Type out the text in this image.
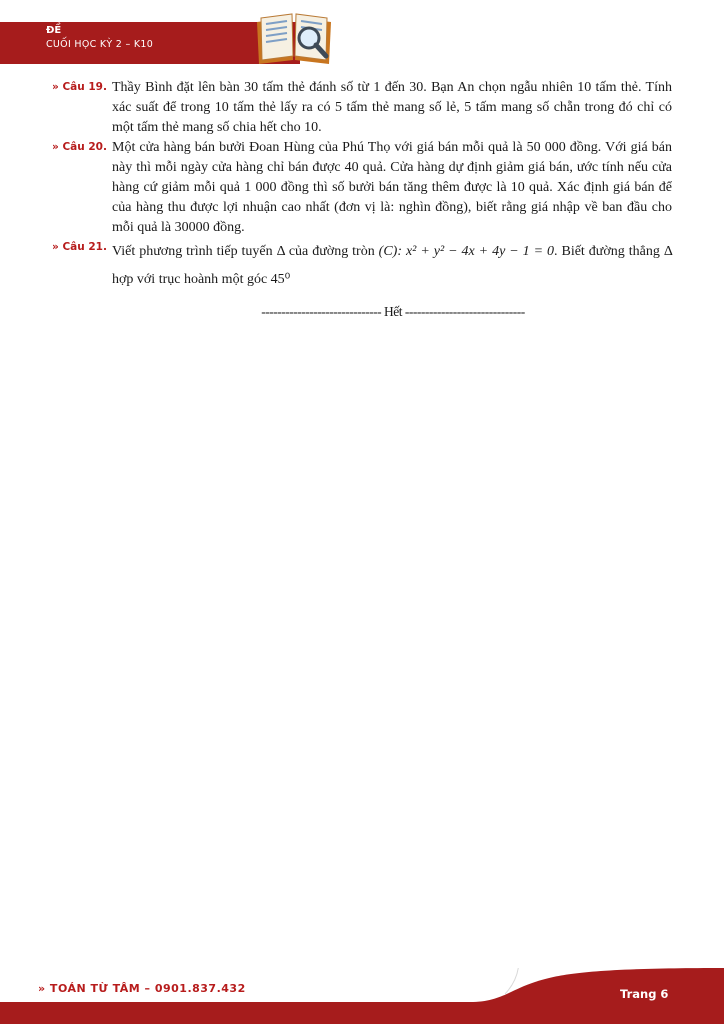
ĐỀ
CUỐI HỌC KỲ 2 – K10
» Câu 19. Thầy Bình đặt lên bàn 30 tấm thẻ đánh số từ 1 đến 30. Bạn An chọn ngẫu nhiên 10 tấm thẻ. Tính xác suất để trong 10 tấm thẻ lấy ra có 5 tấm thẻ mang số lẻ, 5 tấm mang số chẵn trong đó chỉ có một tấm thẻ mang số chia hết cho 10.
» Câu 20. Một cửa hàng bán bưởi Đoan Hùng của Phú Thọ với giá bán mỗi quả là 50 000 đồng. Với giá bán này thì mỗi ngày cửa hàng chỉ bán được 40 quả. Cửa hàng dự định giảm giá bán, ước tính nếu cửa hàng cứ giảm mỗi quả 1 000 đồng thì số bưởi bán tăng thêm được là 10 quả. Xác định giá bán để của hàng thu được lợi nhuận cao nhất (đơn vị là: nghìn đồng), biết rằng giá nhập về ban đầu cho mỗi quả là 30000 đồng.
» Câu 21. Viết phương trình tiếp tuyến Δ của đường tròn (C): x² + y² − 4x + 4y − 1 = 0. Biết đường thẳng Δ hợp với trục hoành một góc 45⁰
------------------------------ Hết ------------------------------
» TOÁN TỪ TÂM – 0901.837.432	Trang 6
